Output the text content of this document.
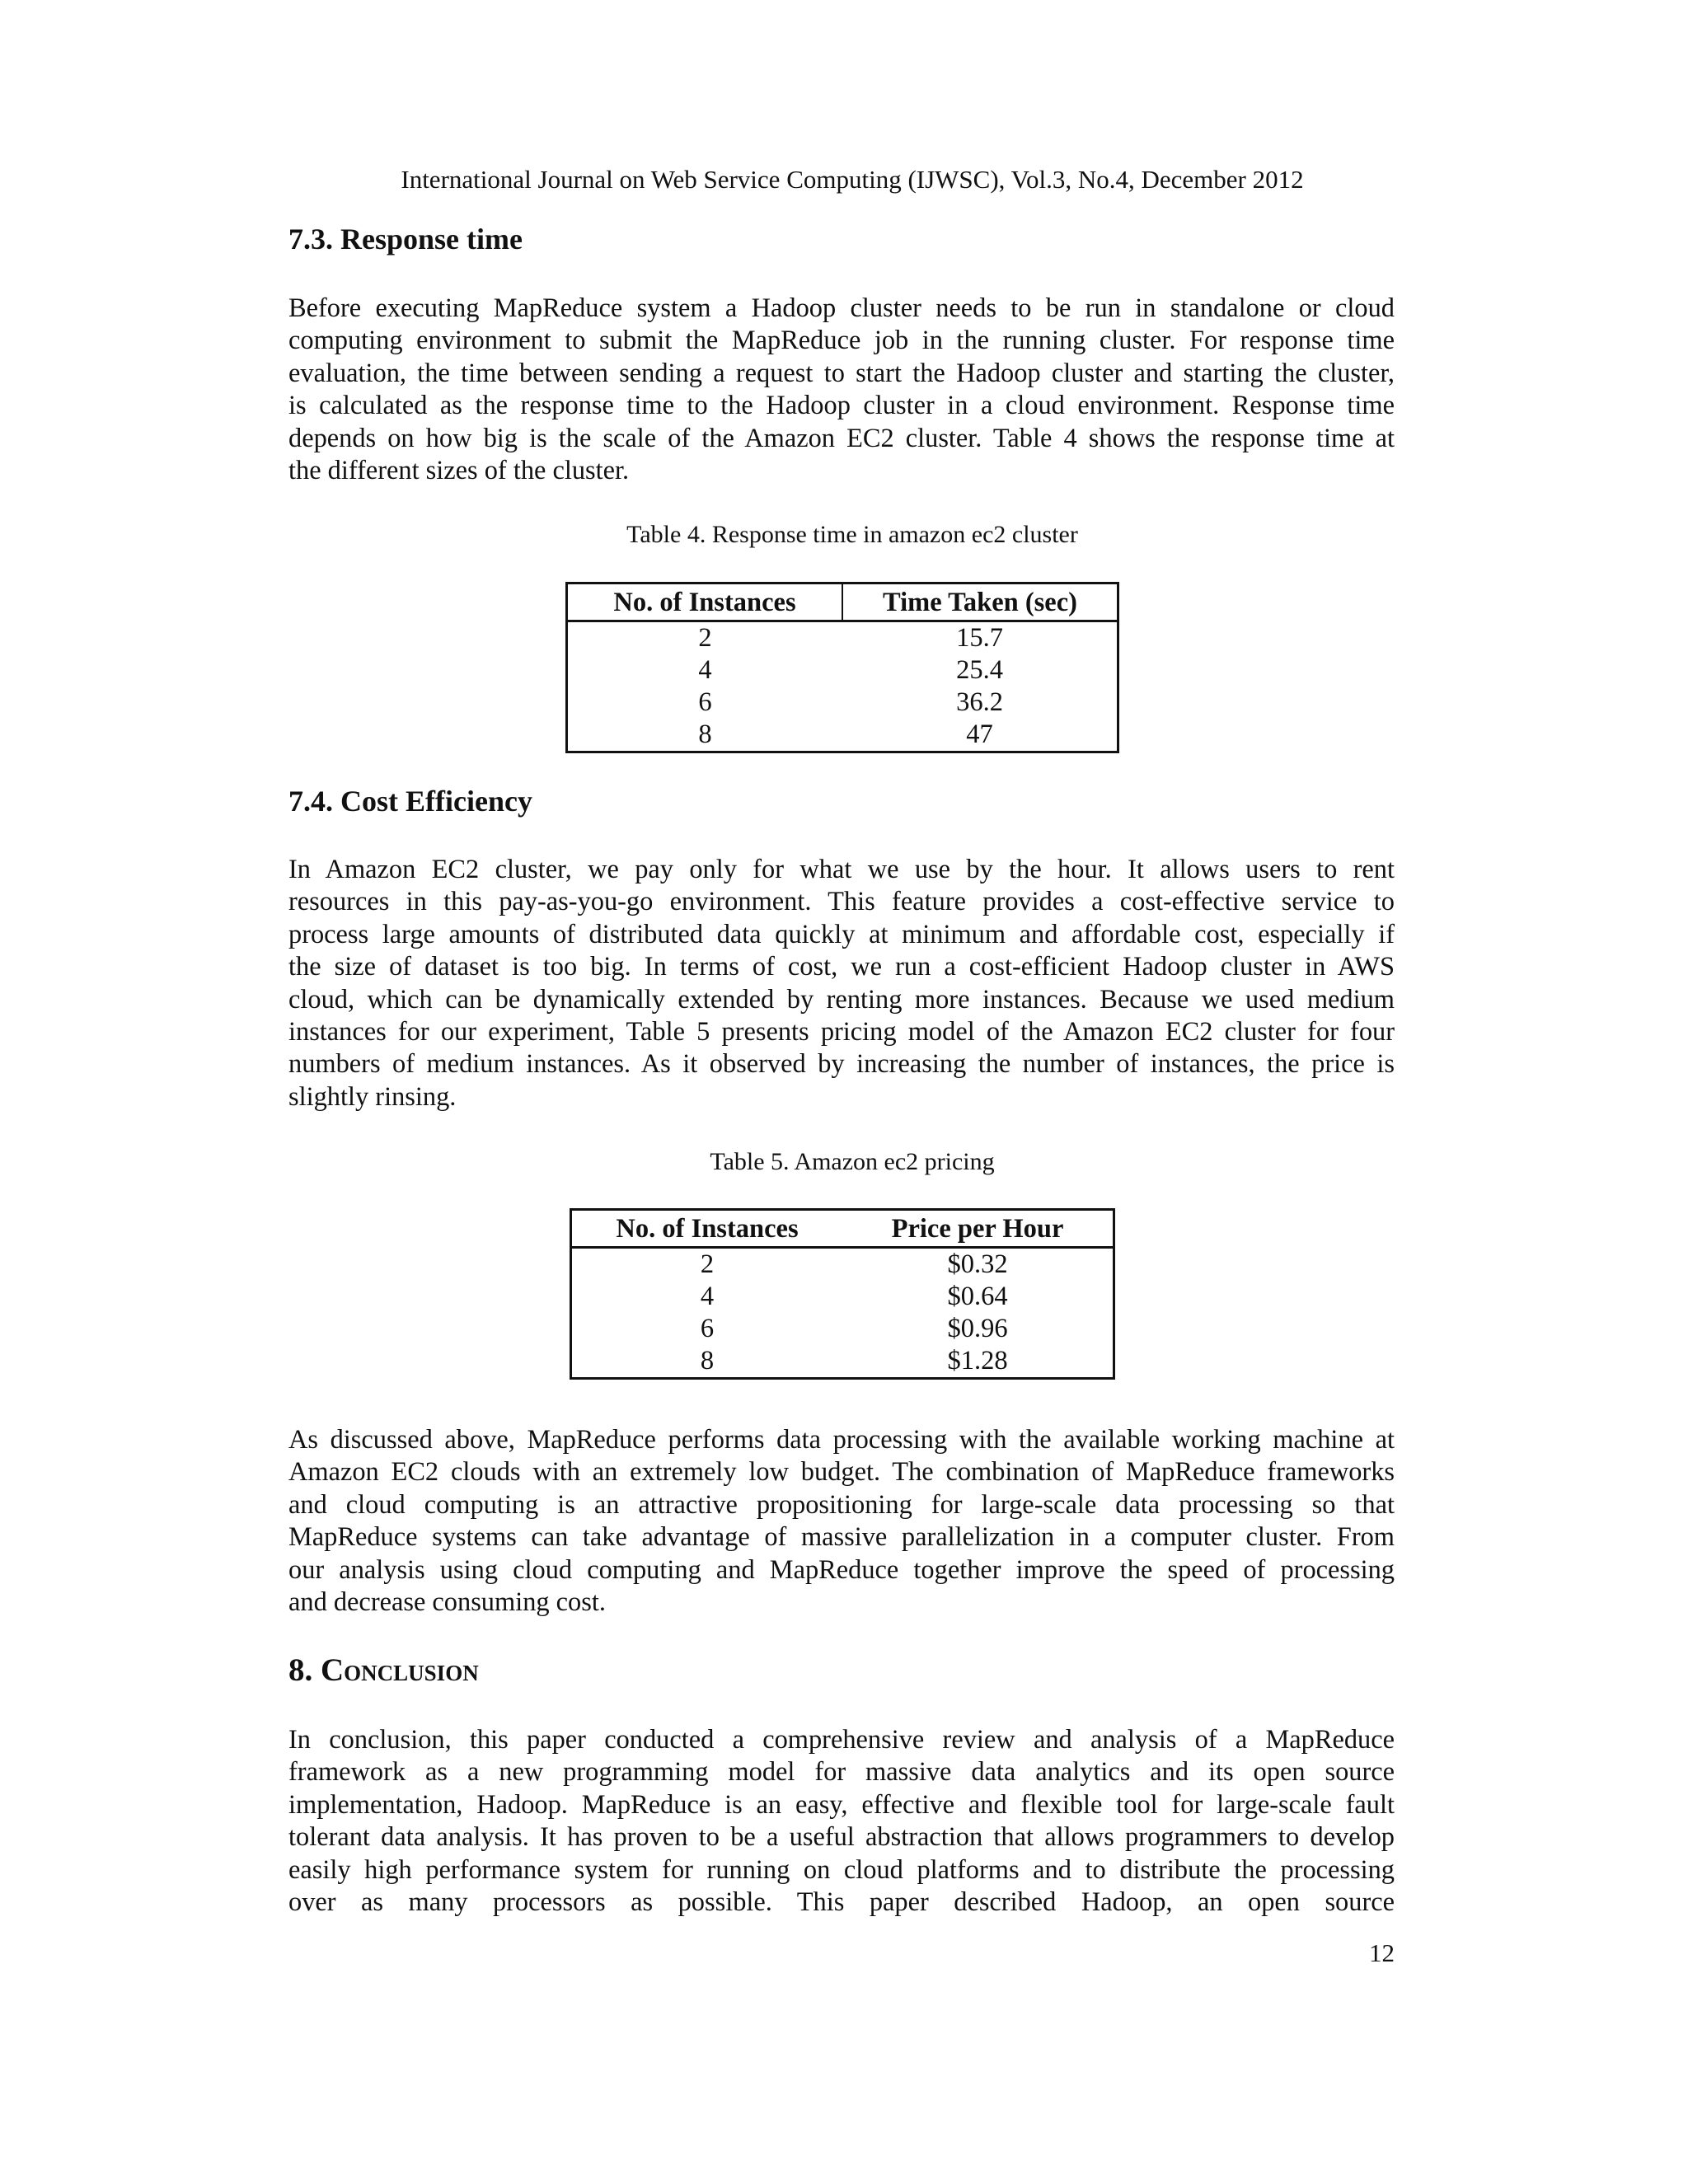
International Journal on Web Service Computing (IJWSC), Vol.3, No.4, December 2012
7.3. Response time
Before executing MapReduce system a Hadoop cluster needs to be run in standalone or cloud
computing environment to submit the MapReduce job in the running cluster. For response time
evaluation, the time between sending a request to start the Hadoop cluster and starting the cluster,
is calculated as the response time to the Hadoop cluster in a cloud environment. Response time
depends on how big is the scale of the Amazon EC2 cluster. Table 4 shows the response time at
the different sizes of the cluster.
Table 4. Response time in amazon ec2 cluster
No. of Instances	Time Taken (sec)
2	15.7
4	25.4
6	36.2
8	47
7.4. Cost Efficiency
In Amazon EC2 cluster, we pay only for what we use by the hour. It allows users to rent
resources in this pay-as-you-go environment. This feature provides a cost-effective service to
process large amounts of distributed data quickly at minimum and affordable cost, especially if
the size of dataset is too big. In terms of cost, we run a cost-efficient Hadoop cluster in AWS
cloud, which can be dynamically extended by renting more instances. Because we used medium
instances for our experiment, Table 5 presents pricing model of the Amazon EC2 cluster for four
numbers of medium instances. As it observed by increasing the number of instances, the price is
slightly rinsing.
Table 5. Amazon ec2 pricing
No. of Instances	Price per Hour
2	$0.32
4	$0.64
6	$0.96
8	$1.28
As discussed above, MapReduce performs data processing with the available working machine at
Amazon EC2 clouds with an extremely low budget. The combination of MapReduce frameworks
and cloud computing is an attractive propositioning for large-scale data processing so that
MapReduce systems can take advantage of massive parallelization in a computer cluster. From
our analysis using cloud computing and MapReduce together improve the speed of processing
and decrease consuming cost.
8. Conclusion
In conclusion, this paper conducted a comprehensive review and analysis of a MapReduce
framework as a new programming model for massive data analytics and its open source
implementation, Hadoop. MapReduce is an easy, effective and flexible tool for large-scale fault
tolerant data analysis. It has proven to be a useful abstraction that allows programmers to develop
easily high performance system for running on cloud platforms and to distribute the processing
over as many processors as possible. This paper described Hadoop, an open source
12
